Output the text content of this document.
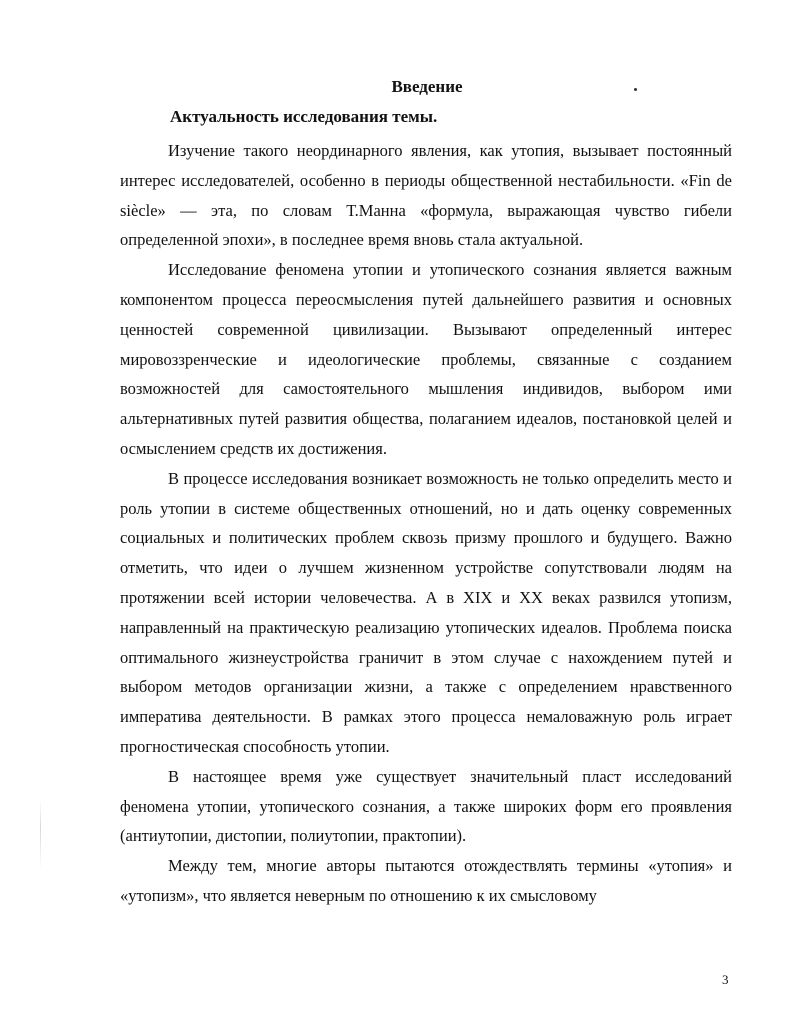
Введение
Актуальность исследования темы.

Изучение такого неординарного явления, как утопия, вызывает постоянный интерес исследователей, особенно в периоды общественной нестабильности. «Fin de siècle» — эта, по словам Т.Манна «формула, выражающая чувство гибели определенной эпохи», в последнее время вновь стала актуальной.

Исследование феномена утопии и утопического сознания является важным компонентом процесса переосмысления путей дальнейшего развития и основных ценностей современной цивилизации. Вызывают определенный интерес мировоззренческие и идеологические проблемы, связанные с созданием возможностей для самостоятельного мышления индивидов, выбором ими альтернативных путей развития общества, полаганием идеалов, постановкой целей и осмыслением средств их достижения.

В процессе исследования возникает возможность не только определить место и роль утопии в системе общественных отношений, но и дать оценку современных социальных и политических проблем сквозь призму прошлого и будущего. Важно отметить, что идеи о лучшем жизненном устройстве сопутствовали людям на протяжении всей истории человечества. А в XIX и XX веках развился утопизм, направленный на практическую реализацию утопических идеалов. Проблема поиска оптимального жизнеустройства граничит в этом случае с нахождением путей и выбором методов организации жизни, а также с определением нравственного императива деятельности. В рамках этого процесса немаловажную роль играет прогностическая способность утопии.

В настоящее время уже существует значительный пласт исследований феномена утопии, утопического сознания, а также широких форм его проявления (антиутопии, дистопии, полиутопии, практопии).

Между тем, многие авторы пытаются отождествлять термины «утопия» и «утопизм», что является неверным по отношению к их смысловому

3
